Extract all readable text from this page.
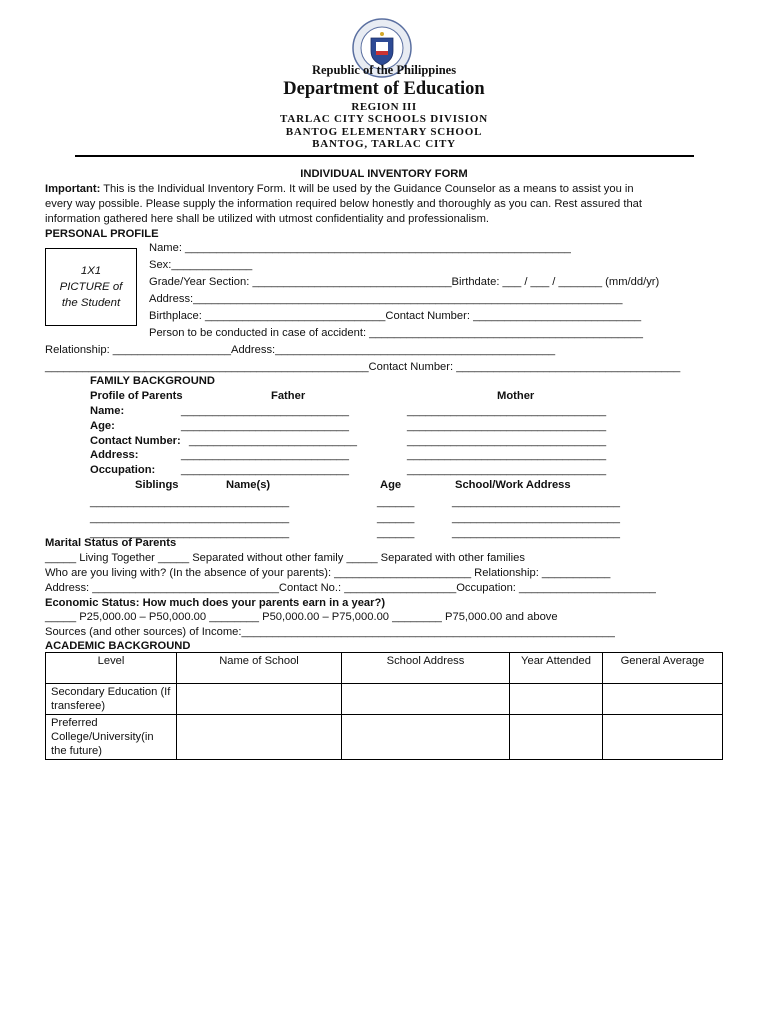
Republic of the Philippines
Department of Education
REGION III
TARLAC CITY SCHOOLS DIVISION
BANTOG ELEMENTARY SCHOOL
BANTOG, TARLAC CITY
INDIVIDUAL INVENTORY FORM
Important: This is the Individual Inventory Form. It will be used by the Guidance Counselor as a means to assist you in
every way possible. Please supply the information required below honestly and thoroughly as you can. Rest assured that
information gathered here shall be utilized with utmost confidentiality and professionalism.
PERSONAL PROFILE
1X1
PICTURE of
the Student
Name: ______________________________________________________________
Sex:_____________
Grade/Year Section: ________________________________Birthdate: ___ / ___ / _______ (mm/dd/yr)
Address:_____________________________________________________________________
Birthplace: _____________________________Contact Number: ___________________________
Person to be conducted in case of accident: ____________________________________________
Relationship: ___________________Address:_____________________________________________
____________________________________________________Contact Number: ____________________________________
FAMILY BACKGROUND
Profile of Parents	Father	Mother
Name:	___________________________	________________________________
Age:	___________________________	________________________________
Contact Number: ___________________________	________________________________
Address:	___________________________	________________________________
Occupation: ___________________________	________________________________
Siblings	Name(s)	Age	School/Work Address
________________________________	______	___________________________
________________________________	______	___________________________
________________________________	______	___________________________
Marital Status of Parents
_____ Living Together _____ Separated without other family _____ Separated with other families
Who are you living with? (In the absence of your parents): ______________________ Relationship: ___________
Address: ______________________________Contact No.: __________________Occupation: ______________________
Economic Status: How much does your parents earn in a year?)
_____ P25,000.00 – P50,000.00 ________ P50,000.00 – P75,000.00 ________ P75,000.00 and above
Sources (and other sources) of Income:____________________________________________________________
ACADEMIC BACKGROUND
Level	Name of School	School Address	Year Attended	General Average
Secondary Education (If transferee)				
Preferred College/University(in the future)				
